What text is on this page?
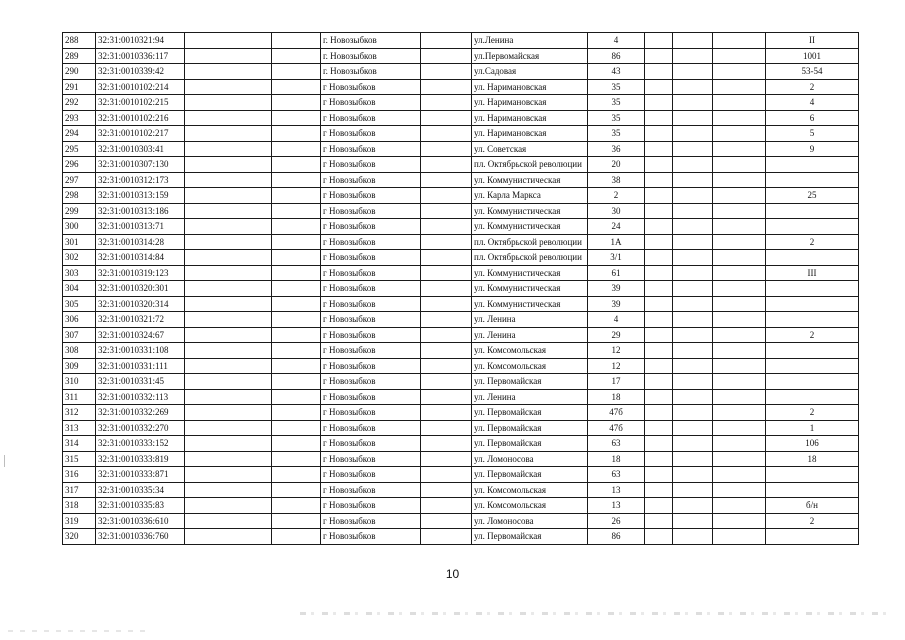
288	32:31:0010321:94			г. Новозыбков		ул.Ленина	4				II
289	32:31:0010336:117			г. Новозыбков		ул.Первомайская	86				1001
290	32:31:0010339:42			г. Новозыбков		ул.Садовая	43				53-54
291	32:31:0010102:214			г Новозыбков		ул. Наримановская	35				2
292	32:31:0010102:215			г Новозыбков		ул. Наримановская	35				4
293	32:31:0010102:216			г Новозыбков		ул. Наримановская	35				6
294	32:31:0010102:217			г Новозыбков		ул. Наримановская	35				5
295	32:31:0010303:41			г Новозыбков		ул. Советская	36				9
296	32:31:0010307:130			г Новозыбков		пл. Октябрьской революции	20				
297	32:31:0010312:173			г Новозыбков		ул. Коммунистическая	38				
298	32:31:0010313:159			г Новозыбков		ул. Карла Маркса	2				25
299	32:31:0010313:186			г Новозыбков		ул. Коммунистическая	30				
300	32:31:0010313:71			г Новозыбков		ул. Коммунистическая	24				
301	32:31:0010314:28			г Новозыбков		пл. Октябрьской революции	1А				2
302	32:31:0010314:84			г Новозыбков		пл. Октябрьской революции	3/1				
303	32:31:0010319:123			г Новозыбков		ул. Коммунистическая	61				III
304	32:31:0010320:301			г Новозыбков		ул. Коммунистическая	39				
305	32:31:0010320:314			г Новозыбков		ул. Коммунистическая	39				
306	32:31:0010321:72			г Новозыбков		ул. Ленина	4				
307	32:31:0010324:67			г Новозыбков		ул. Ленина	29				2
308	32:31:0010331:108			г Новозыбков		ул. Комсомольская	12				
309	32:31:0010331:111			г Новозыбков		ул. Комсомольская	12				
310	32:31:0010331:45			г Новозыбков		ул. Первомайская	17				
311	32:31:0010332:113			г Новозыбков		ул. Ленина	18				
312	32:31:0010332:269			г Новозыбков		ул. Первомайская	47б				2
313	32:31:0010332:270			г Новозыбков		ул. Первомайская	47б				1
314	32:31:0010333:152			г Новозыбков		ул. Первомайская	63				106
315	32:31:0010333:819			г Новозыбков		ул. Ломоносова	18				18
316	32:31:0010333:871			г Новозыбков		ул. Первомайская	63				
317	32:31:0010335:34			г Новозыбков		ул. Комсомольская	13				
318	32:31:0010335:83			г Новозыбков		ул. Комсомольская	13				б/н
319	32:31:0010336:610			г Новозыбков		ул. Ломоносова	26				2
320	32:31:0010336:760			г Новозыбков		ул. Первомайская	86				
10
